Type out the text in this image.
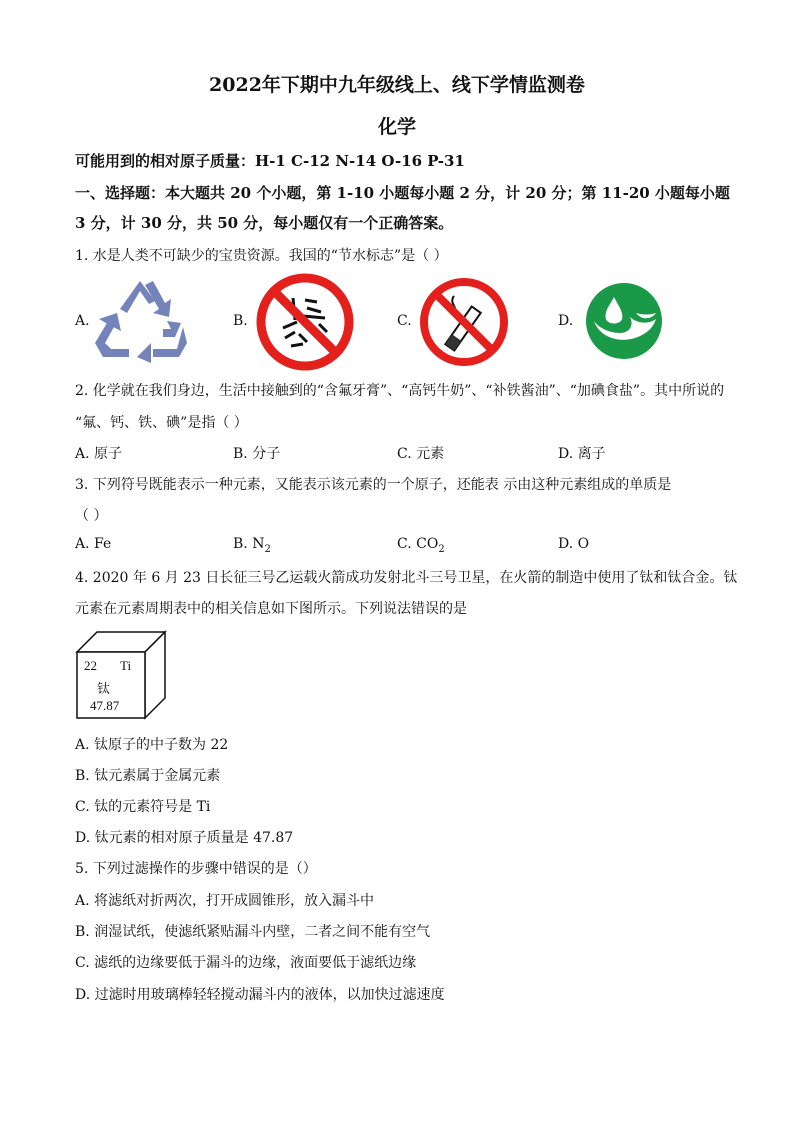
2022年下期中九年级线上、线下学情监测卷
化学
可能用到的相对原子质量：H-1 C-12 N-14 O-16 P-31
一、选择题：本大题共 20 个小题，第 1-10 小题每小题 2 分，计 20 分；第 11-20 小题每小题
3 分，计 30 分，共 50 分，每小题仅有一个正确答案。
1. 水是人类不可缺少的宝贵资源。我国的“节水标志”是（ ）
A.	B.	C.	D.
2. 化学就在我们身边，生活中接触到的“含氟牙膏”、“高钙牛奶”、“补铁酱油”、“加碘食盐”。其中所说的
“氟、钙、铁、碘”是指（ ）
A. 原子	B. 分子	C. 元素	D. 离子
3. 下列符号既能表示一种元素，又能表示该元素的一个原子，还能表 示由这种元素组成的单质是
（ ）
A. Fe	B. $N_2$	C. $CO_2$	D. O
4. 2020 年 6 月 23 日长征三号乙运载火箭成功发射北斗三号卫星，在火箭的制造中使用了钛和钛合金。钛
元素在元素周期表中的相关信息如下图所示。下列说法错误的是
22 Ti
钛
47.87
A. 钛原子的中子数为 22
B. 钛元素属于金属元素
C. 钛的元素符号是 Ti
D. 钛元素的相对原子质量是 47.87
5. 下列过滤操作的步骤中错误的是（）
A. 将滤纸对折两次，打开成圆锥形，放入漏斗中
B. 润湿试纸，使滤纸紧贴漏斗内壁，二者之间不能有空气
C. 滤纸的边缘要低于漏斗的边缘，液面要低于滤纸边缘
D. 过滤时用玻璃棒轻轻搅动漏斗内的液体，以加快过滤速度
